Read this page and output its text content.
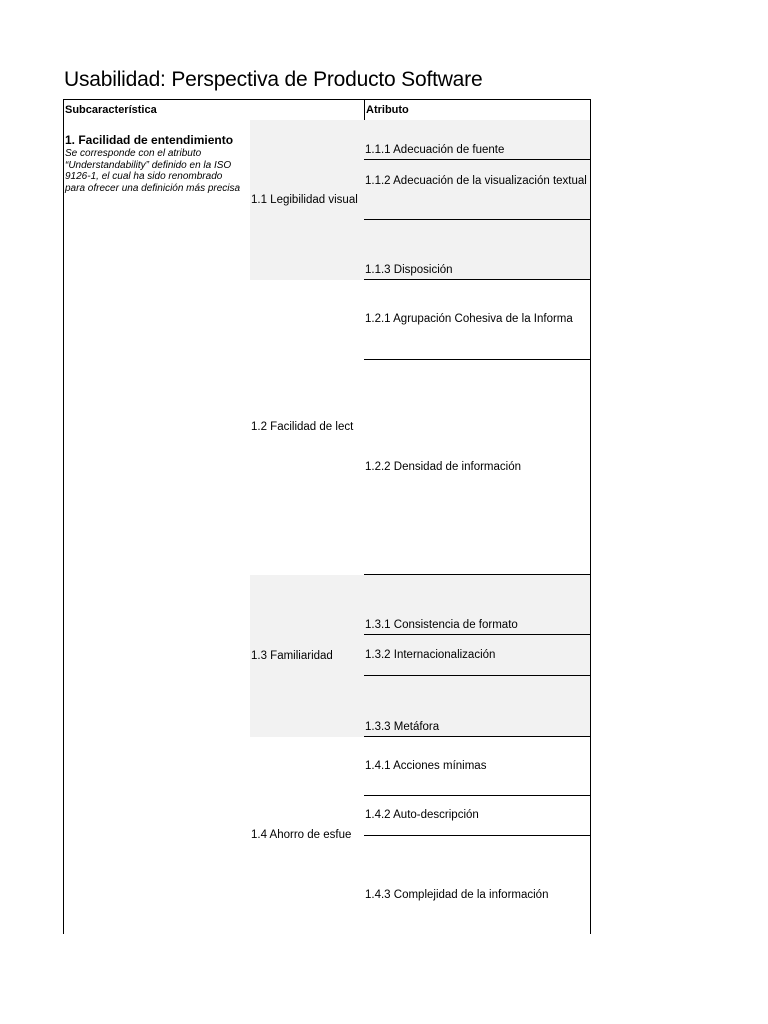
Usabilidad: Perspectiva de Producto Software
Subcaracterística	Atributo
1. Facilidad de entendimiento
Se corresponde con el atributo “Understandability” definido en la ISO 9126-1, el cual ha sido renombrado para ofrecer una definición más precisa
1.1 Legibilidad visual
1.2 Facilidad de lect
1.3 Familiaridad
1.4 Ahorro de esfue
1.1.1 Adecuación de fuente
1.1.2 Adecuación de la visualización textual
1.1.3 Disposición
1.2.1 Agrupación Cohesiva de la Informa
1.2.2 Densidad de información
1.3.1 Consistencia de formato
1.3.2 Internacionalización
1.3.3 Metáfora
1.4.1 Acciones mínimas
1.4.2 Auto-descripción
1.4.3 Complejidad de la información
